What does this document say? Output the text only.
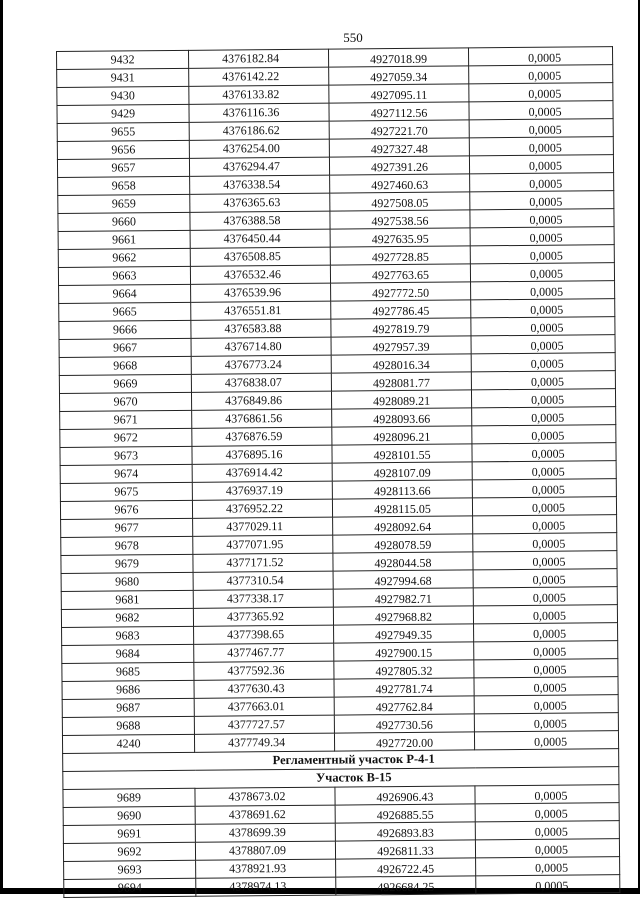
550
9432	4376182.84	4927018.99	0,0005
9431	4376142.22	4927059.34	0,0005
9430	4376133.82	4927095.11	0,0005
9429	4376116.36	4927112.56	0,0005
9655	4376186.62	4927221.70	0,0005
9656	4376254.00	4927327.48	0,0005
9657	4376294.47	4927391.26	0,0005
9658	4376338.54	4927460.63	0,0005
9659	4376365.63	4927508.05	0,0005
9660	4376388.58	4927538.56	0,0005
9661	4376450.44	4927635.95	0,0005
9662	4376508.85	4927728.85	0,0005
9663	4376532.46	4927763.65	0,0005
9664	4376539.96	4927772.50	0,0005
9665	4376551.81	4927786.45	0,0005
9666	4376583.88	4927819.79	0,0005
9667	4376714.80	4927957.39	0,0005
9668	4376773.24	4928016.34	0,0005
9669	4376838.07	4928081.77	0,0005
9670	4376849.86	4928089.21	0,0005
9671	4376861.56	4928093.66	0,0005
9672	4376876.59	4928096.21	0,0005
9673	4376895.16	4928101.55	0,0005
9674	4376914.42	4928107.09	0,0005
9675	4376937.19	4928113.66	0,0005
9676	4376952.22	4928115.05	0,0005
9677	4377029.11	4928092.64	0,0005
9678	4377071.95	4928078.59	0,0005
9679	4377171.52	4928044.58	0,0005
9680	4377310.54	4927994.68	0,0005
9681	4377338.17	4927982.71	0,0005
9682	4377365.92	4927968.82	0,0005
9683	4377398.65	4927949.35	0,0005
9684	4377467.77	4927900.15	0,0005
9685	4377592.36	4927805.32	0,0005
9686	4377630.43	4927781.74	0,0005
9687	4377663.01	4927762.84	0,0005
9688	4377727.57	4927730.56	0,0005
4240	4377749.34	4927720.00	0,0005
Регламентный участок Р-4-1			
Участок В-15			
9689	4378673.02	4926906.43	0,0005
9690	4378691.62	4926885.55	0,0005
9691	4378699.39	4926893.83	0,0005
9692	4378807.09	4926811.33	0,0005
9693	4378921.93	4926722.45	0,0005
9694	4378974.13	4926684.25	0,0005
